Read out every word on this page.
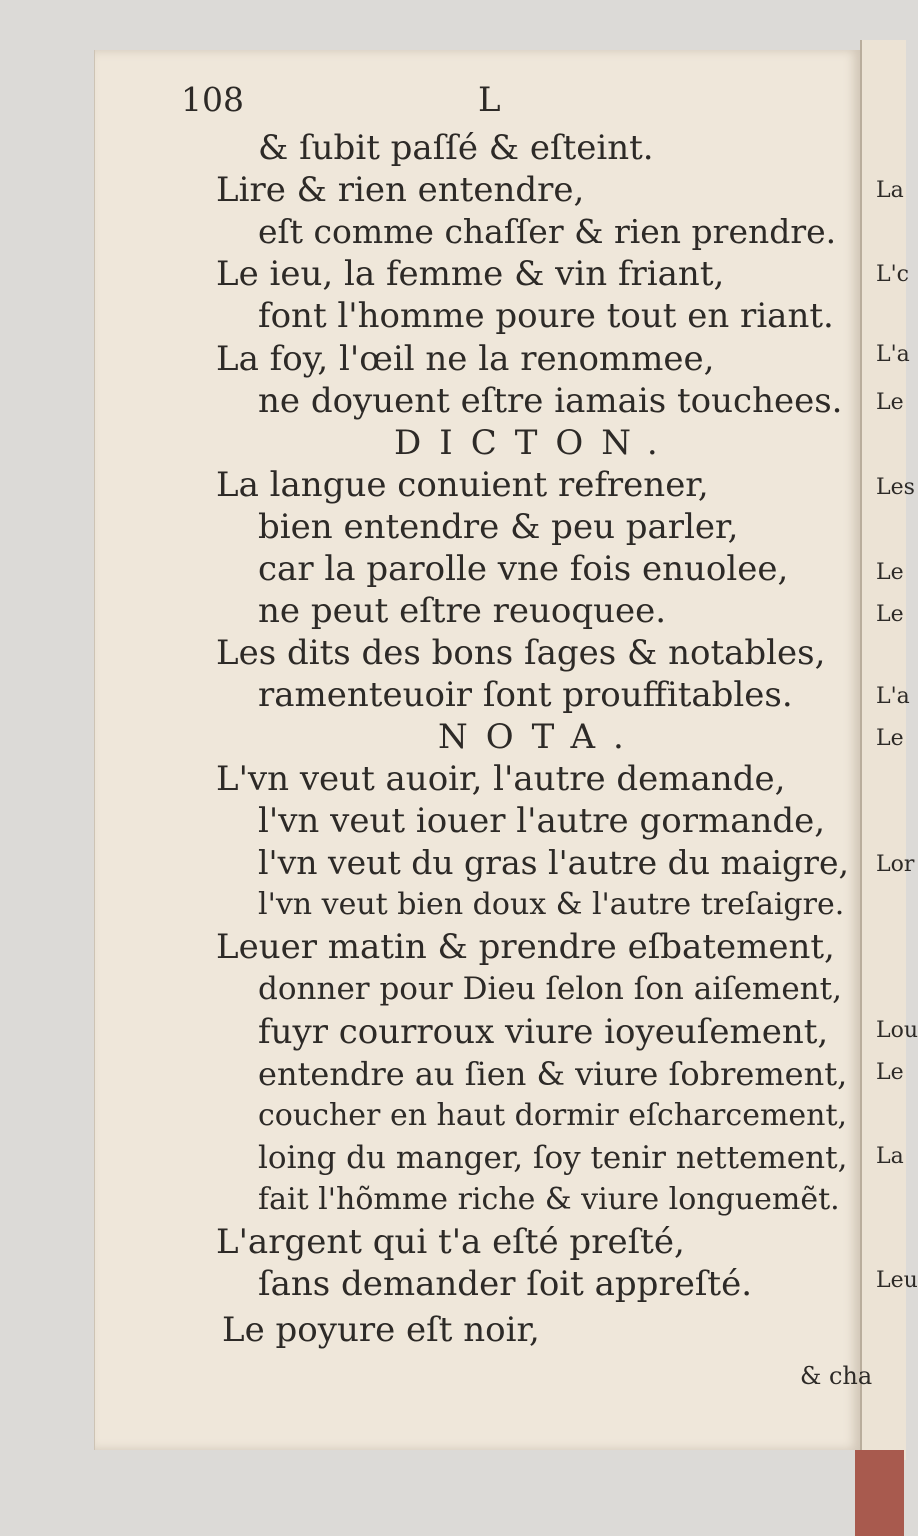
La
L'c
L'a
Le
Les
Le
Le
L'a
Le
Lor
Lou
Le
La
Leu
108	L
& ſubit paſſé & eſteint.
Lire & rien entendre,
eſt comme chaſſer & rien prendre.
Le ieu, la femme & vin friant,
font l'homme poure tout en riant.
La foy, l'œil ne la renommee,
ne doyuent eſtre iamais touchees.
DICTON.
La langue conuient refrener,
bien entendre & peu parler,
car la parolle vne fois enuolee,
ne peut eſtre reuoquee.
Les dits des bons ſages & notables,
ramenteuoir ſont prouffitables.
NOTA.
L'vn veut auoir, l'autre demande,
l'vn veut iouer l'autre gormande,
l'vn veut du gras l'autre du maigre,
l'vn veut bien doux & l'autre treſaigre.
Leuer matin & prendre eſbatement,
donner pour Dieu ſelon ſon aiſement,
fuyr courroux viure ioyeuſement,
entendre au ſien & viure ſobrement,
coucher en haut dormir eſcharcement,
loing du manger, ſoy tenir nettement,
fait l'hõmme riche & viure longuemẽt.
L'argent qui t'a eſté preſté,
ſans demander ſoit appreſté.
Le poyure eſt noir,
& cha
